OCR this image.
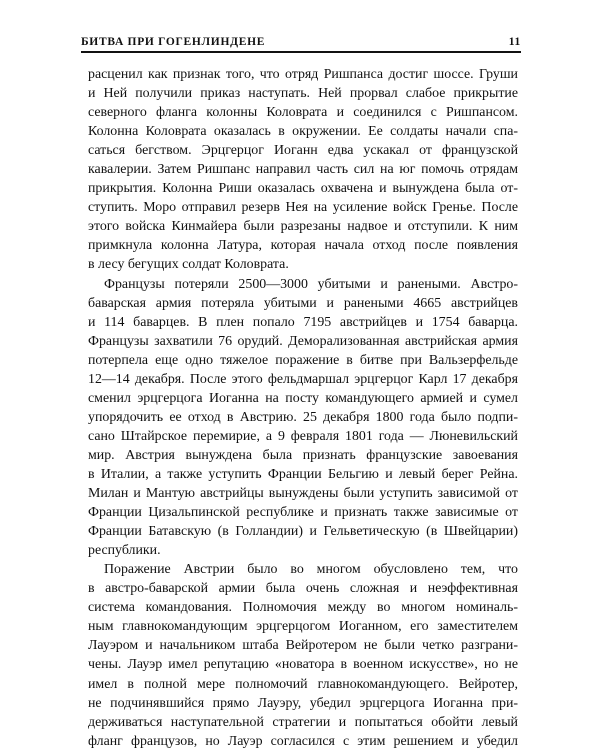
БИТВА ПРИ ГОГЕНЛИНДЕНЕ	11
расценил как признак того, что отряд Ришпанса достиг шоссе. Груши
и Ней получили приказ наступать. Ней прорвал слабое прикрытие
северного фланга колонны Коловрата и соединился с Ришпансом.
Колонна Коловрата оказалась в окружении. Ее солдаты начали спа-
саться бегством. Эрцгерцог Иоганн едва ускакал от французской
кавалерии. Затем Ришпанс направил часть сил на юг помочь отрядам
прикрытия. Колонна Риши оказалась охвачена и вынуждена была от-
ступить. Моро отправил резерв Нея на усиление войск Гренье. После
этого войска Кинмайера были разрезаны надвое и отступили. К ним
примкнула колонна Латура, которая начала отход после появления
в лесу бегущих солдат Коловрата.
Французы потеряли 2500—3000 убитыми и ранеными. Австро-
баварская армия потеряла убитыми и ранеными 4665 австрийцев
и 114 баварцев. В плен попало 7195 австрийцев и 1754 баварца.
Французы захватили 76 орудий. Деморализованная австрийская армия
потерпела еще одно тяжелое поражение в битве при Вальзерфельде
12—14 декабря. После этого фельдмаршал эрцгерцог Карл 17 декабря
сменил эрцгерцога Иоганна на посту командующего армией и сумел
упорядочить ее отход в Австрию. 25 декабря 1800 года было подпи-
сано Штайрское перемирие, а 9 февраля 1801 года — Люневильский
мир. Австрия вынуждена была признать французские завоевания
в Италии, а также уступить Франции Бельгию и левый берег Рейна.
Милан и Мантую австрийцы вынуждены были уступить зависимой от
Франции Цизальпинской республике и признать также зависимые от
Франции Батавскую (в Голландии) и Гельветическую (в Швейцарии)
республики.
Поражение Австрии было во многом обусловлено тем, что
в австро-баварской армии была очень сложная и неэффективная
система командования. Полномочия между во многом номиналь-
ным главнокомандующим эрцгерцогом Иоганном, его заместителем
Лауэром и начальником штаба Вейротером не были четко разграни-
чены. Лауэр имел репутацию «новатора в военном искусстве», но не
имел в полной мере полномочий главнокомандующего. Вейротер,
не подчинявшийся прямо Лауэру, убедил эрцгерцога Иоганна при-
держиваться наступательной стратегии и попытаться обойти левый
фланг французов, но Лауэр согласился с этим решением и убедил
